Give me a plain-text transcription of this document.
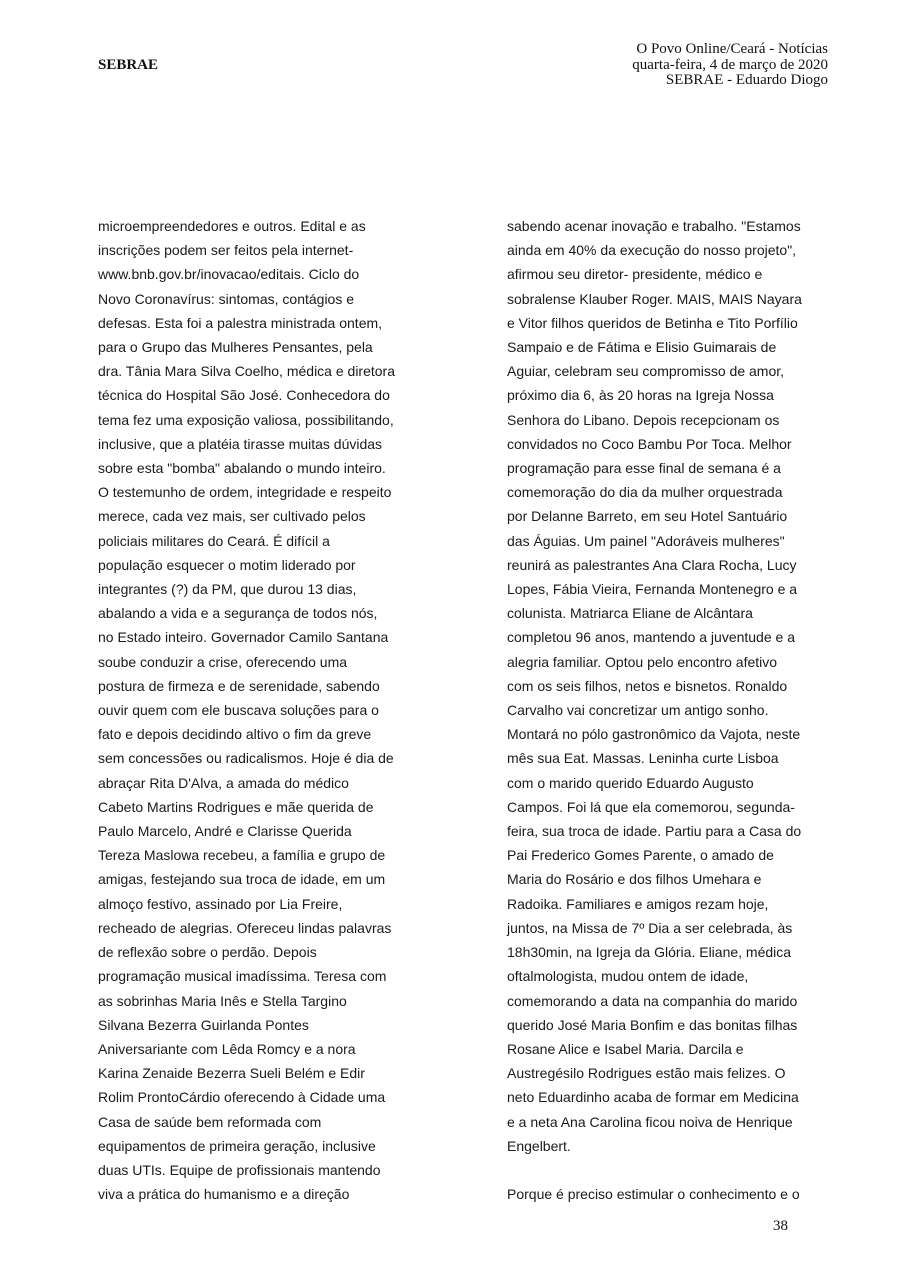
SEBRAE
O Povo Online/Ceará - Notícias
quarta-feira, 4 de março de 2020
SEBRAE - Eduardo Diogo
microempreendedores e outros. Edital e as
inscrições podem ser feitos pela internet-
www.bnb.gov.br/inovacao/editais. Ciclo do
Novo Coronavírus: sintomas, contágios e
defesas. Esta foi a palestra ministrada ontem,
para o Grupo das Mulheres Pensantes, pela
dra. Tânia Mara Silva Coelho, médica e diretora
técnica do Hospital São José. Conhecedora do
tema fez uma exposição valiosa, possibilitando,
inclusive, que a platéia tirasse muitas dúvidas
sobre esta "bomba" abalando o mundo inteiro.
O testemunho de ordem, integridade e respeito
merece, cada vez mais, ser cultivado pelos
policiais militares do Ceará. É difícil a
população esquecer o motim liderado por
integrantes (?) da PM, que durou 13 dias,
abalando a vida e a segurança de todos nós,
no Estado inteiro. Governador Camilo Santana
soube conduzir a crise, oferecendo uma
postura de firmeza e de serenidade, sabendo
ouvir quem com ele buscava soluções para o
fato e depois decidindo altivo o fim da greve
sem concessões ou radicalismos. Hoje é dia de
abraçar Rita D'Alva, a amada do médico
Cabeto Martins Rodrigues e mãe querida de
Paulo Marcelo, André e Clarisse Querida
Tereza Maslowa recebeu, a família e grupo de
amigas, festejando sua troca de idade, em um
almoço festivo, assinado por Lia Freire,
recheado de alegrias. Ofereceu lindas palavras
de reflexão sobre o perdão. Depois
programação musical imadíssima. Teresa com
as sobrinhas Maria Inês e Stella Targino
Silvana Bezerra Guirlanda Pontes
Aniversariante com Lêda Romcy e a nora
Karina Zenaide Bezerra Sueli Belém e Edir
Rolim ProntoCárdio oferecendo à Cidade uma
Casa de saúde bem reformada com
equipamentos de primeira geração, inclusive
duas UTIs. Equipe de profissionais mantendo
viva a prática do humanismo e a direção
sabendo acenar inovação e trabalho. "Estamos
ainda em 40% da execução do nosso projeto",
afirmou seu diretor- presidente, médico e
sobralense Klauber Roger. MAIS, MAIS Nayara
e Vitor filhos queridos de Betinha e Tito Porfílio
Sampaio e de Fátima e Elisio Guimarais de
Aguiar, celebram seu compromisso de amor,
próximo dia 6, às 20 horas na Igreja Nossa
Senhora do Libano. Depois recepcionam os
convidados no Coco Bambu Por Toca. Melhor
programação para esse final de semana é a
comemoração do dia da mulher orquestrada
por Delanne Barreto, em seu Hotel Santuário
das Águias. Um painel "Adoráveis mulheres"
reunirá as palestrantes Ana Clara Rocha, Lucy
Lopes, Fábia Vieira, Fernanda Montenegro e a
colunista. Matriarca Eliane de Alcântara
completou 96 anos, mantendo a juventude e a
alegria familiar. Optou pelo encontro afetivo
com os seis filhos, netos e bisnetos. Ronaldo
Carvalho vai concretizar um antigo sonho.
Montará no pólo gastronômico da Vajota, neste
mês sua Eat. Massas. Leninha curte Lisboa
com o marido querido Eduardo Augusto
Campos. Foi lá que ela comemorou, segunda-
feira, sua troca de idade. Partiu para a Casa do
Pai Frederico Gomes Parente, o amado de
Maria do Rosário e dos filhos Umehara e
Radoika. Familiares e amigos rezam hoje,
juntos, na Missa de 7º Dia a ser celebrada, às
18h30min, na Igreja da Glória. Eliane, médica
oftalmologista, mudou ontem de idade,
comemorando a data na companhia do marido
querido José Maria Bonfim e das bonitas filhas
Rosane Alice e Isabel Maria. Darcila e
Austregésilo Rodrigues estão mais felizes. O
neto Eduardinho acaba de formar em Medicina
e a neta Ana Carolina ficou noiva de Henrique
Engelbert.
Porque é preciso estimular o conhecimento e o
38
